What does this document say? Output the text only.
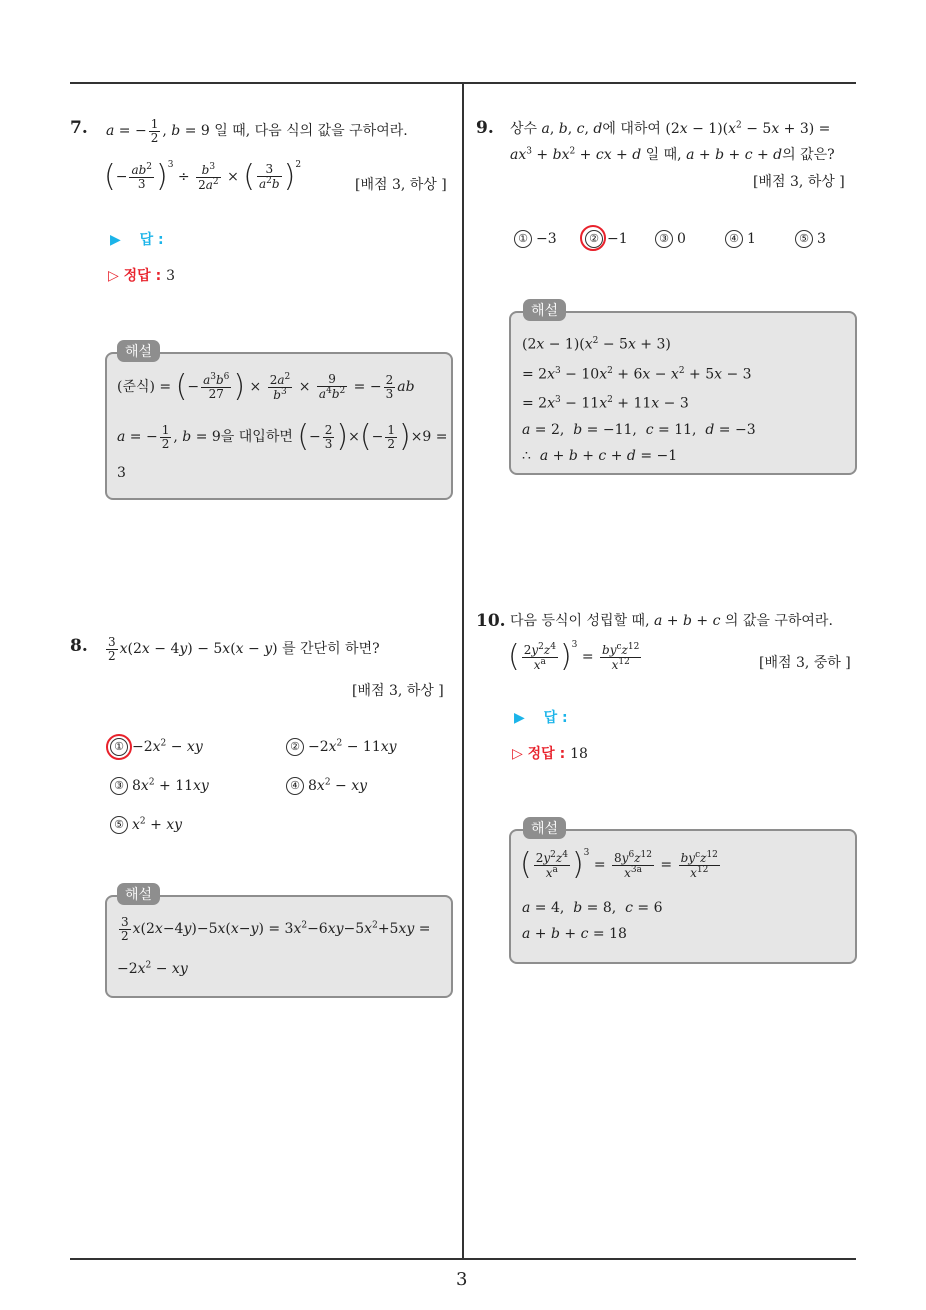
3
7. a = − $\frac{1}{2}$ , b = 9 일 때, 다음 식의 값을 구하여라.
(− $\frac{ab^2}{3} )^3 \div \frac{b^3}{2a^2}$ × ( $\frac{3}{a^2b} )^2$
[배점 3, 하상 ]
▶ 답 :
▷ 정답 : 3
해설
(준식) = (− $\frac{a^3b^6}{27}$ ) × $\frac{2a^2}{b^3} \times \frac{9}{a^4b^2}$ = − $\frac{2}{3}$ ab
a = − $\frac{1}{2}$ , b = 9을 대입하면 (− $\frac{2}{3}$ )×(− $\frac{1}{2} )\times 9$ =
3
8. $\frac{3}{2} x(2x - 4y) - 5x(x - y)$ 를 간단히 하면?
[배점 3, 하상 ]
① $-2x^2$ − xy	② $-2x^2 - 11xy$
③ $8x^2 + 11xy$	④ $8x^2$ − xy
⑤ $x^2$ + xy
해설
$\frac{3}{2} x(2x-4y)-5x(x-y) = 3x^2-6xy-5x^2+5xy$ =
$-2x^2$ − xy
9. 상수 a, b, c, d에 대하여 $(2x - 1)(x^2 - 5x + 3)$ =
$ax^3 + bx^2$ + cx + d 일 때, a + b + c + d의 값은?
[배점 3, 하상 ]
① −3	② −1	③ 0	④ 1	⑤ 3
해설
$(2x - 1)(x^2 - 5x + 3)$
= $2x^3 - 10x^2 + 6x - x^2 + 5x - 3$
= $2x^3 - 11x^2 + 11x - 3$
a = 2,  b = −11,  c = 11,  d = −3
∴  a + b + c + d = −1
10. 다음 등식이 성립할 때, a + b + c 의 값을 구하여라.
( $\frac{2y^2z^4}{x^a} )^3 = \frac{by^cz^{12}}{x^{12}}$	[배점 3, 중하 ]
▶ 답 :
▷ 정답 : 18
해설
( $\frac{2y^2z^4}{x^a} )^3 = \frac{8y^6z^{12}}{x^{3a}} = \frac{by^cz^{12}}{x^{12}}$
a = 4,  b = 8,  c = 6
a + b + c = 18
